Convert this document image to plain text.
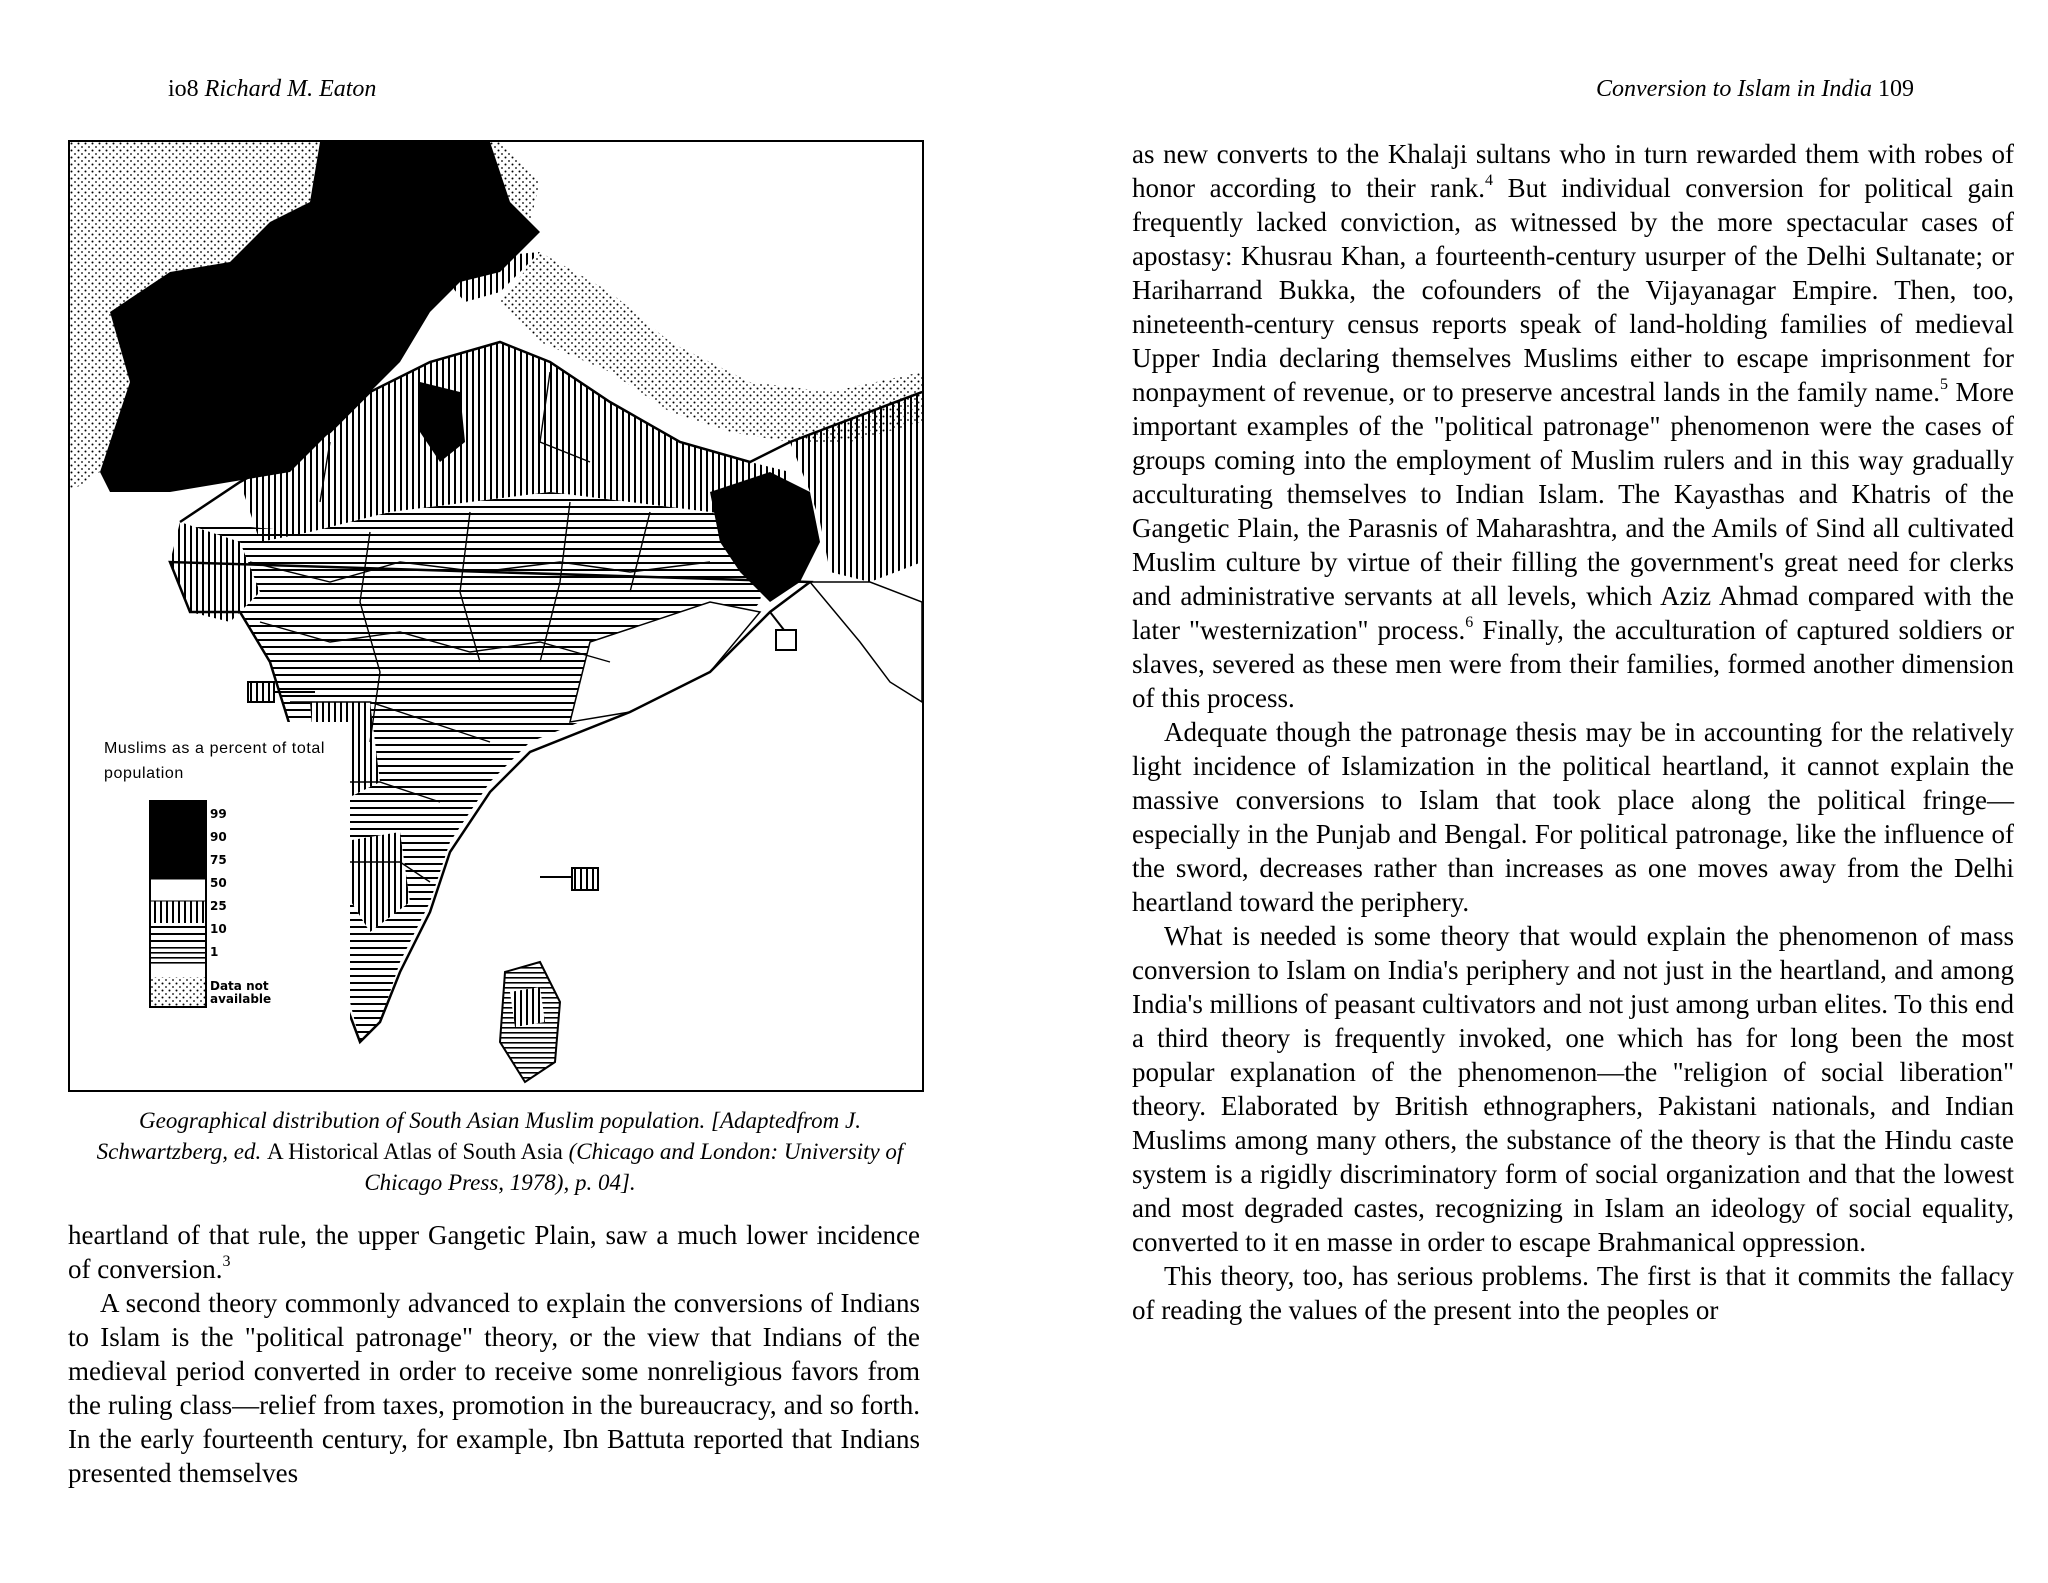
io8 Richard M. Eaton
Muslims as a percent of total population
99
90
75
50
25
10
1
Data not available
Geographical distribution of South Asian Muslim population. [Adaptedfrom J. Schwartzberg, ed. A Historical Atlas of South Asia (Chicago and London: University of Chicago Press, 1978), p. 04].

heartland of that rule, the upper Gangetic Plain, saw a much lower incidence of conversion.$^3$

A second theory commonly advanced to explain the conversions of Indians to Islam is the "political patronage" theory, or the view that Indians of the medieval period converted in order to receive some nonreligious favors from the ruling class—relief from taxes, promotion in the bureaucracy, and so forth. In the early fourteenth century, for example, Ibn Battuta reported that Indians presented themselves

Conversion to Islam in India 109

as new converts to the Khalaji sultans who in turn rewarded them with robes of honor according to their rank.$^4$ But individual conversion for political gain frequently lacked conviction, as witnessed by the more spectacular cases of apostasy: Khusrau Khan, a fourteenth-century usurper of the Delhi Sultanate; or Hariharrand Bukka, the cofounders of the Vijayanagar Empire. Then, too, nineteenth-century census reports speak of land-holding families of medieval Upper India declaring themselves Muslims either to escape imprisonment for nonpayment of revenue, or to preserve ancestral lands in the family name.$^5$ More important examples of the "political patronage" phenomenon were the cases of groups coming into the employment of Muslim rulers and in this way gradually acculturating themselves to Indian Islam. The Kayasthas and Khatris of the Gangetic Plain, the Parasnis of Maharashtra, and the Amils of Sind all cultivated Muslim culture by virtue of their filling the government's great need for clerks and administrative servants at all levels, which Aziz Ahmad compared with the later "westernization" process.$^6$ Finally, the acculturation of captured soldiers or slaves, severed as these men were from their families, formed another dimension of this process.

Adequate though the patronage thesis may be in accounting for the relatively light incidence of Islamization in the political heartland, it cannot explain the massive conversions to Islam that took place along the political fringe—especially in the Punjab and Bengal. For political patronage, like the influence of the sword, decreases rather than increases as one moves away from the Delhi heartland toward the periphery.

What is needed is some theory that would explain the phenomenon of mass conversion to Islam on India's periphery and not just in the heartland, and among India's millions of peasant cultivators and not just among urban elites. To this end a third theory is frequently invoked, one which has for long been the most popular explanation of the phenomenon—the "religion of social liberation" theory. Elaborated by British ethnographers, Pakistani nationals, and Indian Muslims among many others, the substance of the theory is that the Hindu caste system is a rigidly discriminatory form of social organization and that the lowest and most degraded castes, recognizing in Islam an ideology of social equality, converted to it en masse in order to escape Brahmanical oppression.

This theory, too, has serious problems. The first is that it commits the fallacy of reading the values of the present into the peoples or
